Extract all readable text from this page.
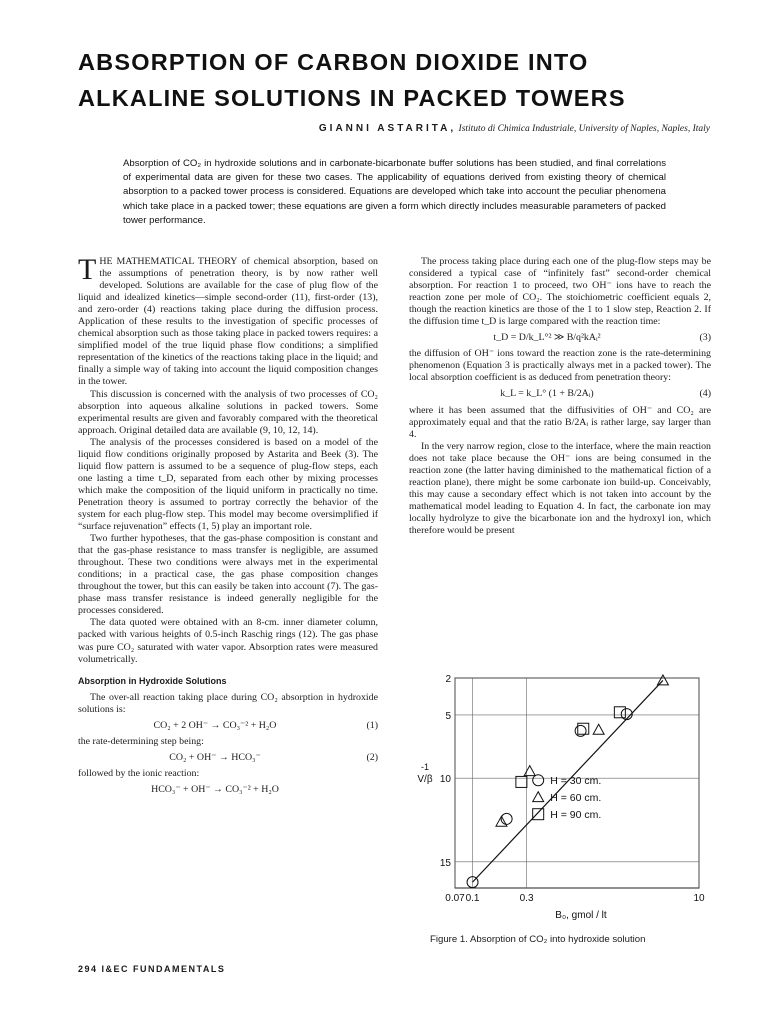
ABSORPTION OF CARBON DIOXIDE INTO
ALKALINE SOLUTIONS IN PACKED TOWERS
GIANNI ASTARITA, Istituto di Chimica Industriale, University of Naples, Naples, Italy
Absorption of CO₂ in hydroxide solutions and in carbonate-bicarbonate buffer solutions has been studied, and final correlations of experimental data are given for these two cases. The applicability of equations derived from existing theory of chemical absorption to a packed tower process is considered. Equations are developed which take into account the peculiar phenomena which take place in a packed tower; these equations are given a form which directly includes measurable parameters of packed tower performance.

THE MATHEMATICAL THEORY of chemical absorption, based on the assumptions of penetration theory, is by now rather well developed. Solutions are available for the case of plug flow of the liquid and idealized kinetics—simple second-order (11), first-order (13), and zero-order (4) reactions taking place during the diffusion process. Application of these results to the investigation of specific processes of chemical absorption such as those taking place in packed towers requires: a simplified model of the true liquid phase flow conditions; a simplified representation of the kinetics of the reactions taking place in the liquid; and finally a simple way of taking into account the liquid composition changes in the tower.

This discussion is concerned with the analysis of two processes of CO₂ absorption into aqueous alkaline solutions in packed towers. Some experimental results are given and favorably compared with the theoretical approach. Original detailed data are available (9, 10, 12, 14).

The analysis of the processes considered is based on a model of the liquid flow conditions originally proposed by Astarita and Beek (3). The liquid flow pattern is assumed to be a sequence of plug-flow steps, each one lasting a time t_D, separated from each other by mixing processes which make the composition of the liquid uniform in practically no time. Penetration theory is assumed to portray correctly the behavior of the system for each plug-flow step. This model may become oversimplified if “surface rejuvenation” effects (1, 5) play an important role.

Two further hypotheses, that the gas-phase composition is constant and that the gas-phase resistance to mass transfer is negligible, are assumed throughout. These two conditions were always met in the experimental conditions; in a practical case, the gas phase composition changes throughout the tower, but this can easily be taken into account (7). The gas-phase mass transfer resistance is indeed generally negligible for the processes considered.

The data quoted were obtained with an 8-cm. inner diameter column, packed with various heights of 0.5-inch Raschig rings (12). The gas phase was pure CO₂ saturated with water vapor. Absorption rates were measured volumetrically.

Absorption in Hydroxide Solutions

The over-all reaction taking place during CO₂ absorption in hydroxide solutions is:

CO₂ + 2 OH⁻ → CO₃⁻² + H₂O	(1)

the rate-determining step being:

CO₂ + OH⁻ → HCO₃⁻	(2)

followed by the ionic reaction:

HCO₃⁻ + OH⁻ → CO₃⁻² + H₂O

The process taking place during each one of the plug-flow steps may be considered a typical case of “infinitely fast” second-order chemical absorption. For reaction 1 to proceed, two OH⁻ ions have to reach the reaction zone per mole of CO₂. The stoichiometric coefficient equals 2, though the reaction kinetics are those of the 1 to 1 slow step, Reaction 2. If the diffusion time t_D is large compared with the reaction time:

t_D = D/k_L°² ≫ B/q²kAᵢ²	(3)

the diffusion of OH⁻ ions toward the reaction zone is the rate-determining phenomenon (Equation 3 is practically always met in a packed tower). The local absorption coefficient is as deduced from penetration theory:

k_L = k_L° (1 + B/2Aᵢ)	(4)

where it has been assumed that the diffusivities of OH⁻ and CO₂ are approximately equal and that the ratio B/2Aᵢ is rather large, say larger than 4.

In the very narrow region, close to the interface, where the main reaction does not take place because the OH⁻ ions are being consumed in the reaction zone (the latter having diminished to the mathematical fiction of a reaction plane), there might be some carbonate ion build-up. Conceivably, this may cause a secondary effect which is not taken into account by the mathematical model leading to Equation 4. In fact, the carbonate ion may locally hydrolyze to give the bicarbonate ion and the hydroxyl ion, which therefore would be present

15
10
5
2
0.07 0.1	0.3	10
B₀, gmol / lt
-1
V/β	H = 30 cm.
H = 60 cm.
H = 90 cm.
Figure 1. Absorption of CO₂ into hydroxide solution
294 I&EC FUNDAMENTALS
